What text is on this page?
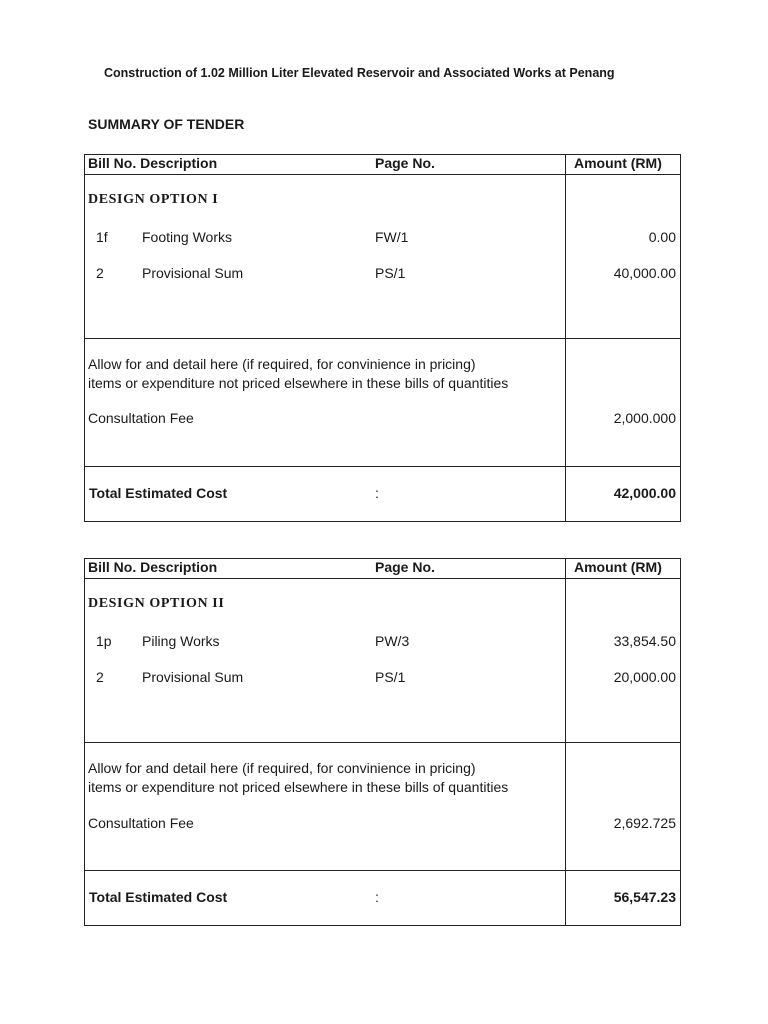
Construction of 1.02 Million Liter Elevated Reservoir and Associated Works at Penang
SUMMARY OF TENDER
Bill No. Description	Page No.	Amount (RM)
DESIGN OPTION I
1f Footing Works	FW/1	0.00
2	Provisional Sum	PS/1	40,000.00
Allow for and detail here (if required, for convinience in pricing)
items or expenditure not priced elsewhere in these bills of quantities
Consultation Fee	2,000.000
Total Estimated Cost	:	42,000.00
Bill No. Description	Page No.	Amount (RM)
DESIGN OPTION II
1p Piling Works	PW/3	33,854.50
2	Provisional Sum	PS/1	20,000.00
Allow for and detail here (if required, for convinience in pricing)
items or expenditure not priced elsewhere in these bills of quantities
Consultation Fee	2,692.725
Total Estimated Cost	:	56,547.23
